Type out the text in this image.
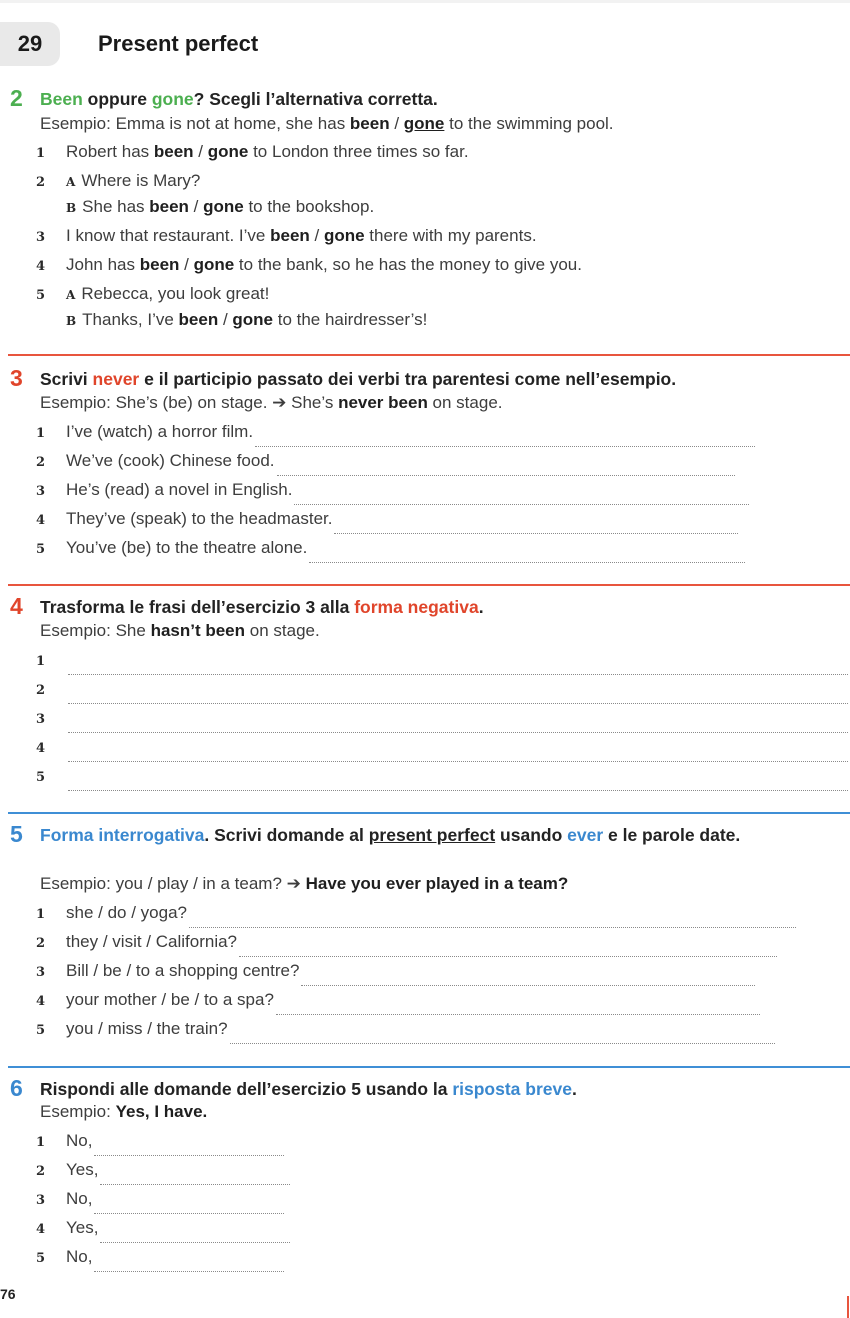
29	Present perfect
2 Been oppure gone? Scegli l’alternativa corretta.
Esempio: Emma is not at home, she has been / gone to the swimming pool.
1 Robert has been / gone to London three times so far.
2 A Where is Mary?
B She has been / gone to the bookshop.
3 I know that restaurant. I’ve been / gone there with my parents.
4 John has been / gone to the bank, so he has the money to give you.
5 A Rebecca, you look great!
B Thanks, I’ve been / gone to the hairdresser’s!
3 Scrivi never e il participio passato dei verbi tra parentesi come nell’esempio.
Esempio: She’s (be) on stage. ➔ She’s never been on stage.
1 I’ve (watch) a horror film.
2 We’ve (cook) Chinese food.
3 He’s (read) a novel in English.
4 They’ve (speak) to the headmaster.
5 You’ve (be) to the theatre alone.
4 Trasforma le frasi dell’esercizio 3 alla forma negativa.
Esempio: She hasn’t been on stage.
1
2
3
4
5
5 Forma interrogativa. Scrivi domande al present perfect usando ever e le parole date.
Esempio: you / play / in a team? ➔ Have you ever played in a team?
1 she / do / yoga?
2 they / visit / California?
3 Bill / be / to a shopping centre?
4 your mother / be / to a spa?
5 you / miss / the train?
6 Rispondi alle domande dell’esercizio 5 usando la risposta breve.
Esempio: Yes, I have.
1 No,
2 Yes,
3 No,
4 Yes,
5 No,
76
